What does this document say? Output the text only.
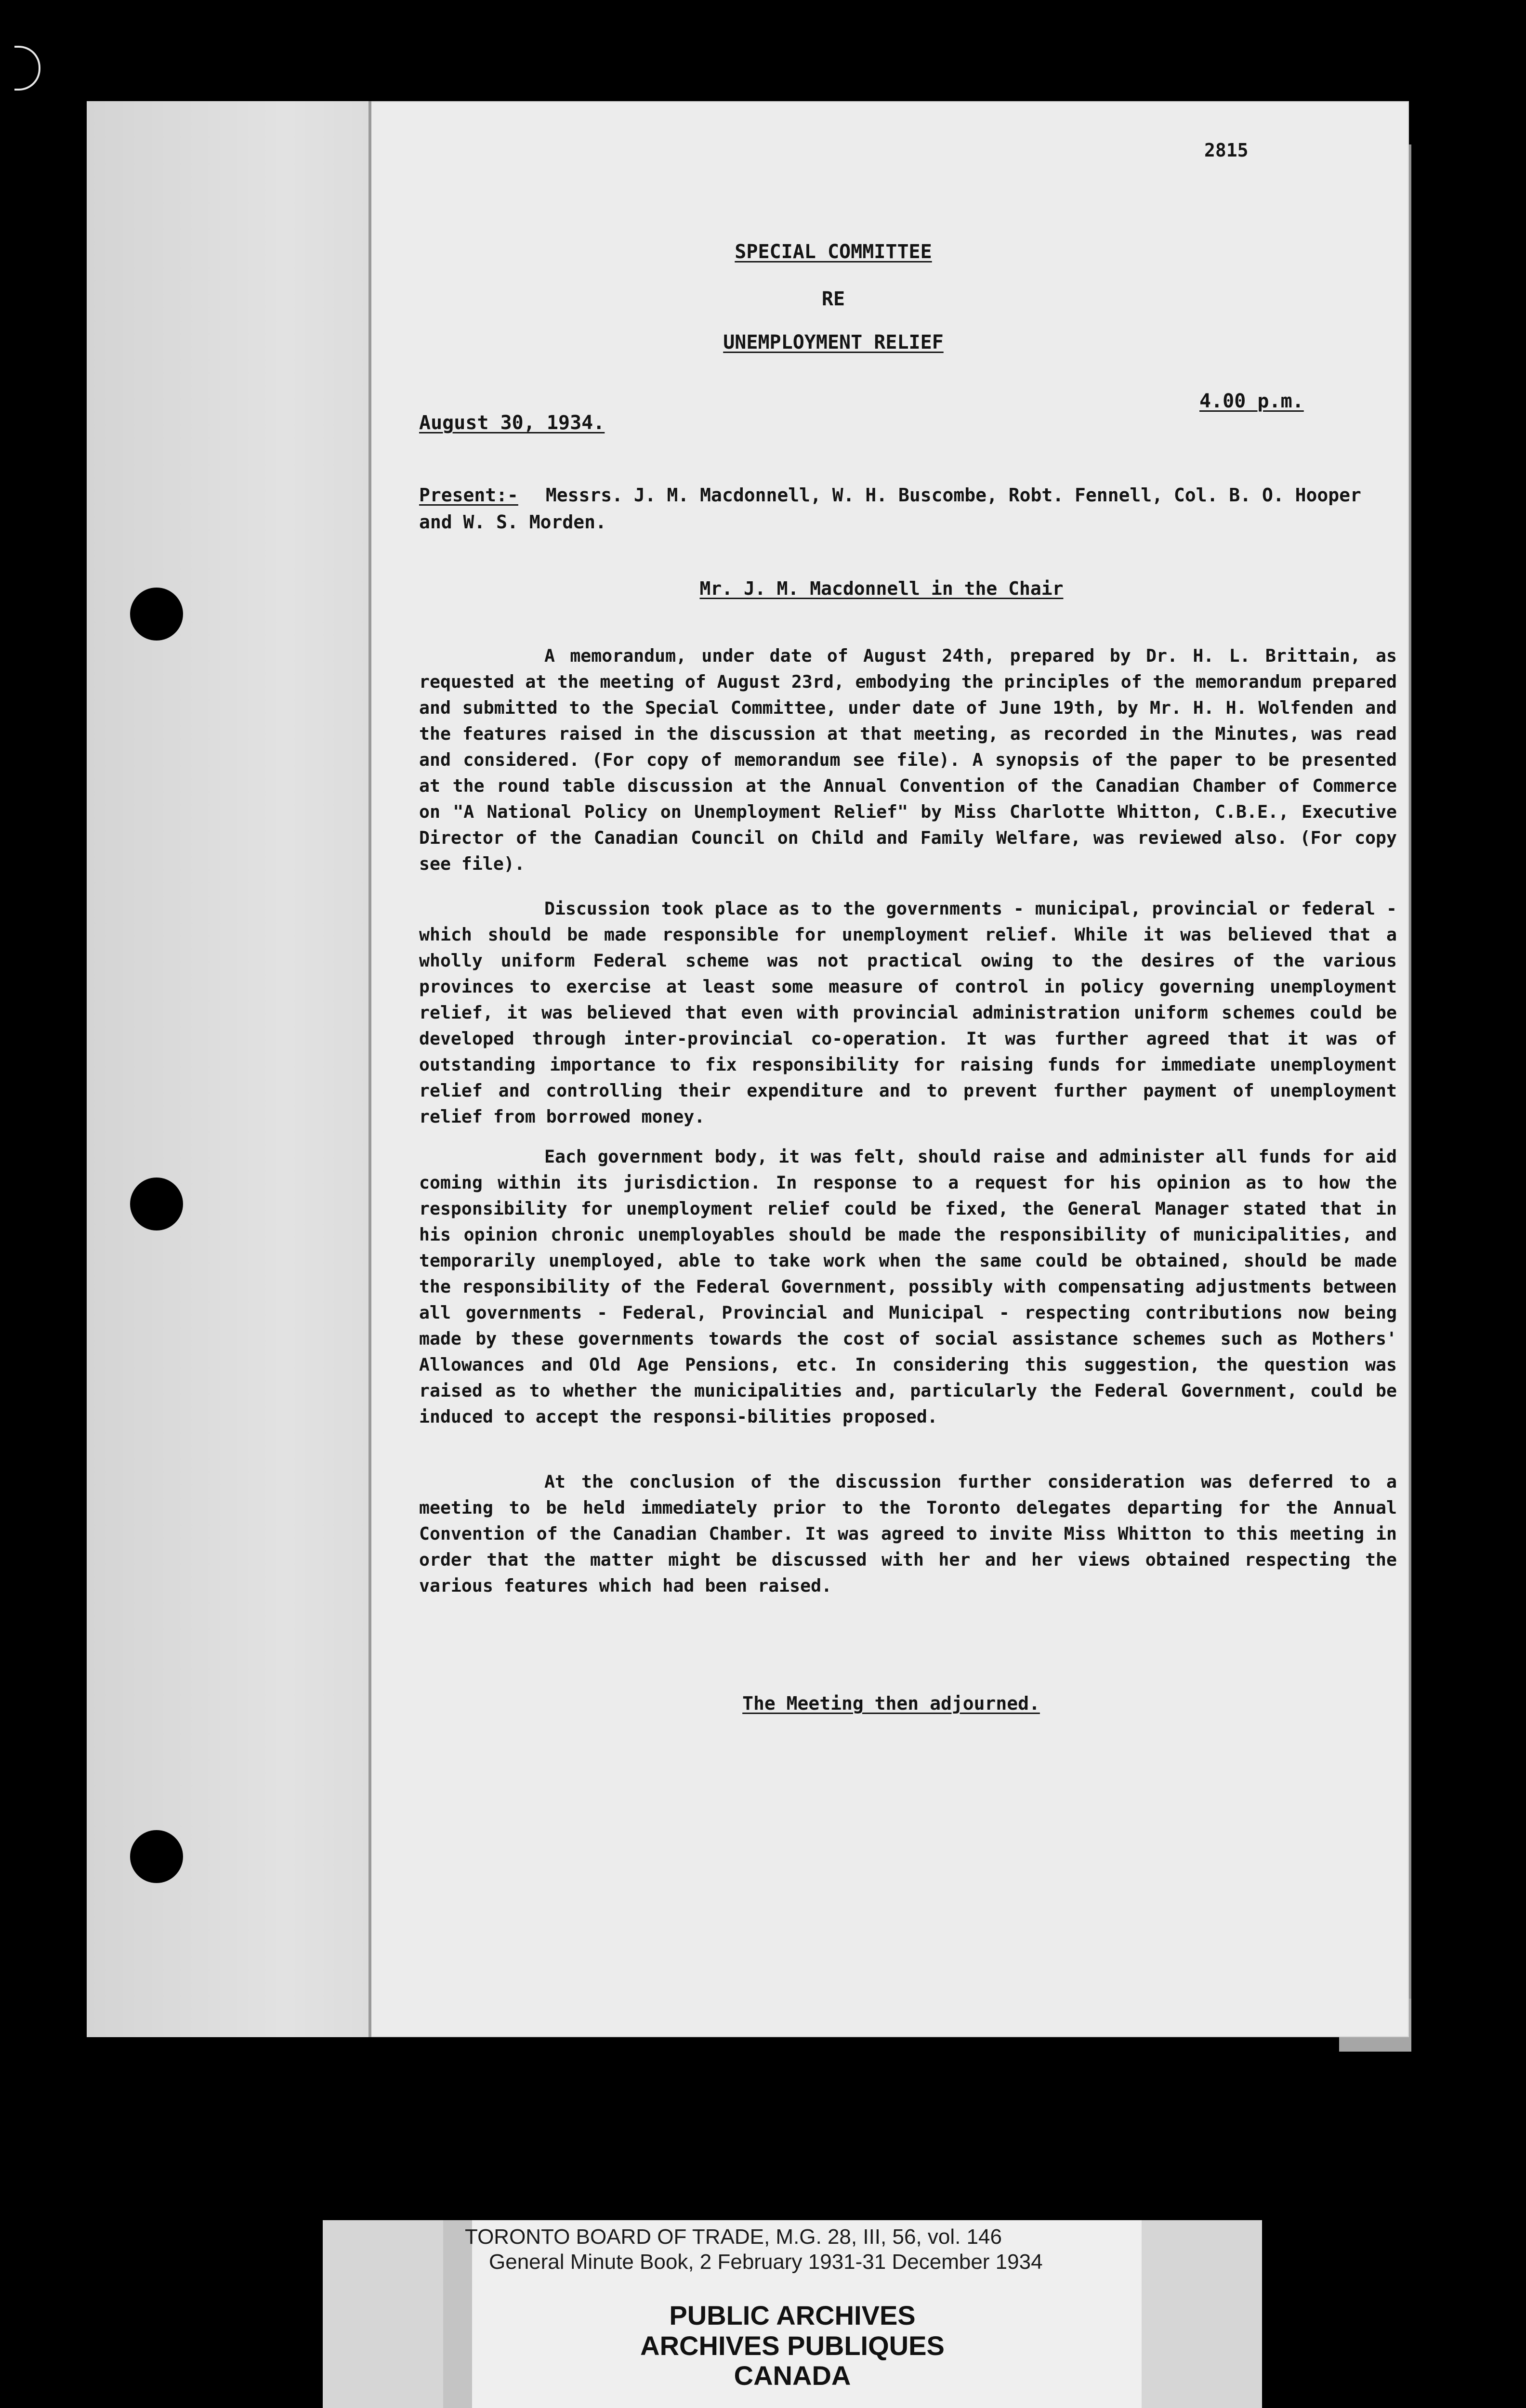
2815
SPECIAL COMMITTEE
RE
UNEMPLOYMENT RELIEF
August 30, 1934.
4.00 p.m.
Present:- Messrs. J. M. Macdonnell, W. H. Buscombe, Robt. Fennell, Col. B. O. Hooper and W. S. Morden.
Mr. J. M. Macdonnell in the Chair
A memorandum, under date of August 24th, prepared by Dr. H. L. Brittain, as requested at the meeting of August 23rd, embodying the principles of the memorandum prepared and submitted to the Special Committee, under date of June 19th, by Mr. H. H. Wolfenden and the features raised in the discussion at that meeting, as recorded in the Minutes, was read and considered. (For copy of memorandum see file). A synopsis of the paper to be presented at the round table discussion at the Annual Convention of the Canadian Chamber of Commerce on "A National Policy on Unemployment Relief" by Miss Charlotte Whitton, C.B.E., Executive Director of the Canadian Council on Child and Family Welfare, was reviewed also. (For copy see file).
Discussion took place as to the governments - municipal, provincial or federal - which should be made responsible for unemployment relief. While it was believed that a wholly uniform Federal scheme was not practical owing to the desires of the various provinces to exercise at least some measure of control in policy governing unemployment relief, it was believed that even with provincial administration uniform schemes could be developed through inter-provincial co-operation. It was further agreed that it was of outstanding importance to fix responsibility for raising funds for immediate unemployment relief and controlling their expenditure and to prevent further payment of unemployment relief from borrowed money.
Each government body, it was felt, should raise and administer all funds for aid coming within its jurisdiction. In response to a request for his opinion as to how the responsibility for unemployment relief could be fixed, the General Manager stated that in his opinion chronic unemployables should be made the responsibility of municipalities, and temporarily unemployed, able to take work when the same could be obtained, should be made the responsibility of the Federal Government, possibly with compensating adjustments between all governments - Federal, Provincial and Municipal - respecting contributions now being made by these governments towards the cost of social assistance schemes such as Mothers' Allowances and Old Age Pensions, etc. In considering this suggestion, the question was raised as to whether the municipalities and, particularly the Federal Government, could be induced to accept the responsi-bilities proposed.
At the conclusion of the discussion further consideration was deferred to a meeting to be held immediately prior to the Toronto delegates departing for the Annual Convention of the Canadian Chamber. It was agreed to invite Miss Whitton to this meeting in order that the matter might be discussed with her and her views obtained respecting the various features which had been raised.
The Meeting then adjourned.
TORONTO BOARD OF TRADE, M.G. 28, III, 56, vol. 146
General Minute Book, 2 February 1931-31 December 1934
PUBLIC ARCHIVES
ARCHIVES PUBLIQUES
CANADA
